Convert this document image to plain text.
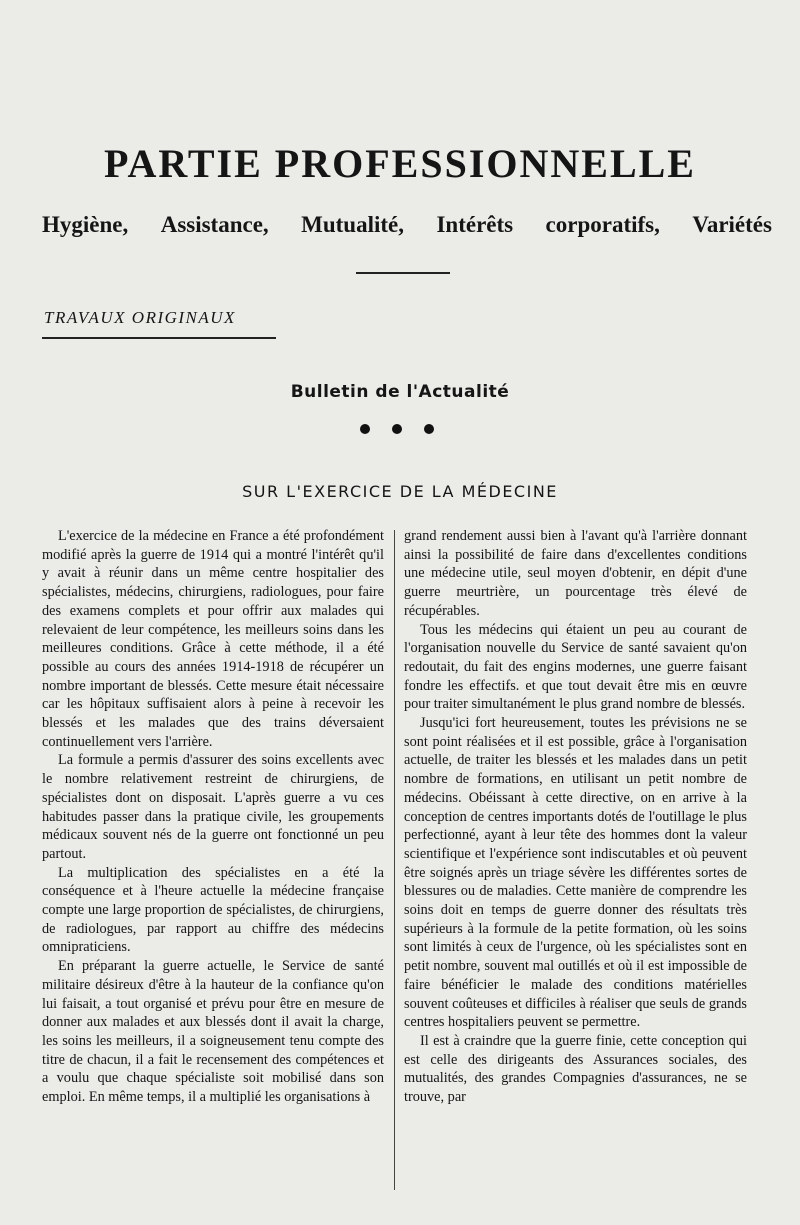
PARTIE PROFESSIONNELLE
Hygiène, Assistance, Mutualité, Intérêts corporatifs, Variétés
TRAVAUX ORIGINAUX
Bulletin de l'Actualité
SUR L'EXERCICE DE LA MÉDECINE

L'exercice de la médecine en France a été profondément modifié après la guerre de 1914 qui a montré l'intérêt qu'il y avait à réunir dans un même centre hospitalier des spécialistes, médecins, chirurgiens, radiologues, pour faire des examens complets et pour offrir aux malades qui relevaient de leur compétence, les meilleurs soins dans les meilleures conditions. Grâce à cette méthode, il a été possible au cours des années 1914-1918 de récupérer un nombre important de blessés. Cette mesure était nécessaire car les hôpitaux suffisaient alors à peine à recevoir les blessés et les malades que des trains déversaient continuellement vers l'arrière.

La formule a permis d'assurer des soins excellents avec le nombre relativement restreint de chirurgiens, de spécialistes dont on disposait. L'après guerre a vu ces habitudes passer dans la pratique civile, les groupements médicaux souvent nés de la guerre ont fonctionné un peu partout.

La multiplication des spécialistes en a été la conséquence et à l'heure actuelle la médecine française compte une large proportion de spécialistes, de chirurgiens, de radiologues, par rapport au chiffre des médecins omnipraticiens.

En préparant la guerre actuelle, le Service de santé militaire désireux d'être à la hauteur de la confiance qu'on lui faisait, a tout organisé et prévu pour être en mesure de donner aux malades et aux blessés dont il avait la charge, les soins les meilleurs, il a soigneusement tenu compte des titre de chacun, il a fait le recensement des compétences et a voulu que chaque spécialiste soit mobilisé dans son emploi. En même temps, il a multiplié les organisations à

grand rendement aussi bien à l'avant qu'à l'arrière donnant ainsi la possibilité de faire dans d'excellentes conditions une médecine utile, seul moyen d'obtenir, en dépit d'une guerre meurtrière, un pourcentage très élevé de récupérables.

Tous les médecins qui étaient un peu au courant de l'organisation nouvelle du Service de santé savaient qu'on redoutait, du fait des engins modernes, une guerre faisant fondre les effectifs. et que tout devait être mis en œuvre pour traiter simultanément le plus grand nombre de blessés.

Jusqu'ici fort heureusement, toutes les prévisions ne se sont point réalisées et il est possible, grâce à l'organisation actuelle, de traiter les blessés et les malades dans un petit nombre de formations, en utilisant un petit nombre de médecins. Obéissant à cette directive, on en arrive à la conception de centres importants dotés de l'outillage le plus perfectionné, ayant à leur tête des hommes dont la valeur scientifique et l'expérience sont indiscutables et où peuvent être soignés après un triage sévère les différentes sortes de blessures ou de maladies. Cette manière de comprendre les soins doit en temps de guerre donner des résultats très supérieurs à la formule de la petite formation, où les soins sont limités à ceux de l'urgence, où les spécialistes sont en petit nombre, souvent mal outillés et où il est impossible de faire bénéficier le malade des conditions matérielles souvent coûteuses et difficiles à réaliser que seuls de grands centres hospitaliers peuvent se permettre.

Il est à craindre que la guerre finie, cette conception qui est celle des dirigeants des Assurances sociales, des mutualités, des grandes Compagnies d'assurances, ne se trouve, par
